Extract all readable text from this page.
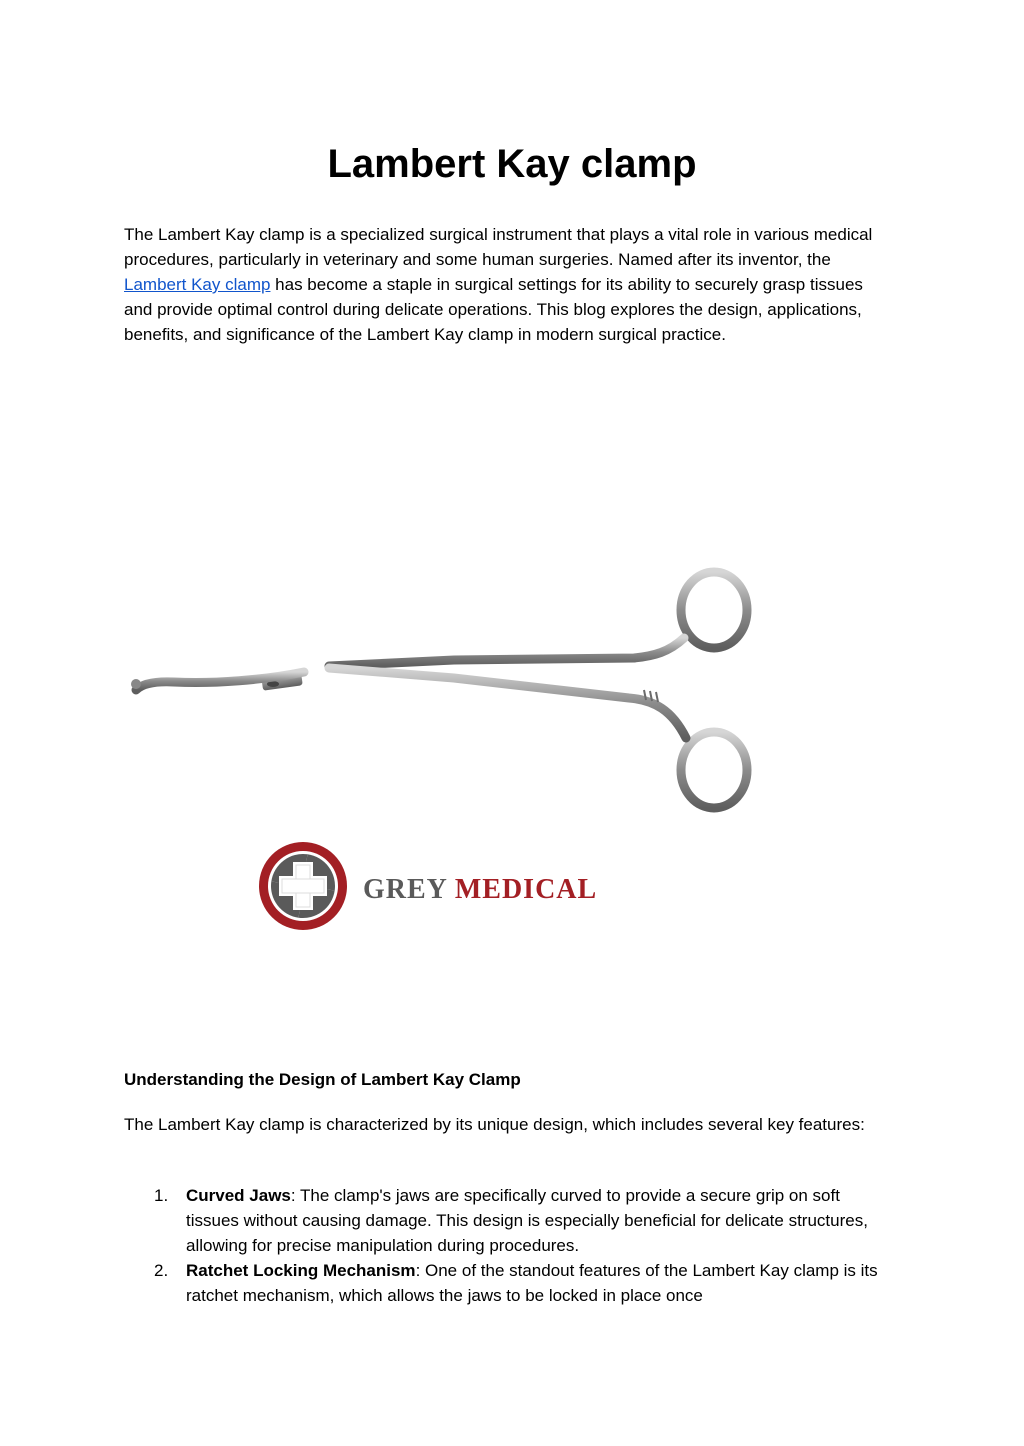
Lambert Kay clamp

The Lambert Kay clamp is a specialized surgical instrument that plays a vital role in various medical procedures, particularly in veterinary and some human surgeries. Named after its inventor, the Lambert Kay clamp has become a staple in surgical settings for its ability to securely grasp tissues and provide optimal control during delicate operations. This blog explores the design, applications, benefits, and significance of the Lambert Kay clamp in modern surgical practice.

GREY MEDICAL
Understanding the Design of Lambert Kay Clamp

The Lambert Kay clamp is characterized by its unique design, which includes several key features:

1. Curved Jaws: The clamp's jaws are specifically curved to provide a secure grip on soft tissues without causing damage. This design is especially beneficial for delicate structures, allowing for precise manipulation during procedures.
2. Ratchet Locking Mechanism: One of the standout features of the Lambert Kay clamp is its ratchet mechanism, which allows the jaws to be locked in place once
